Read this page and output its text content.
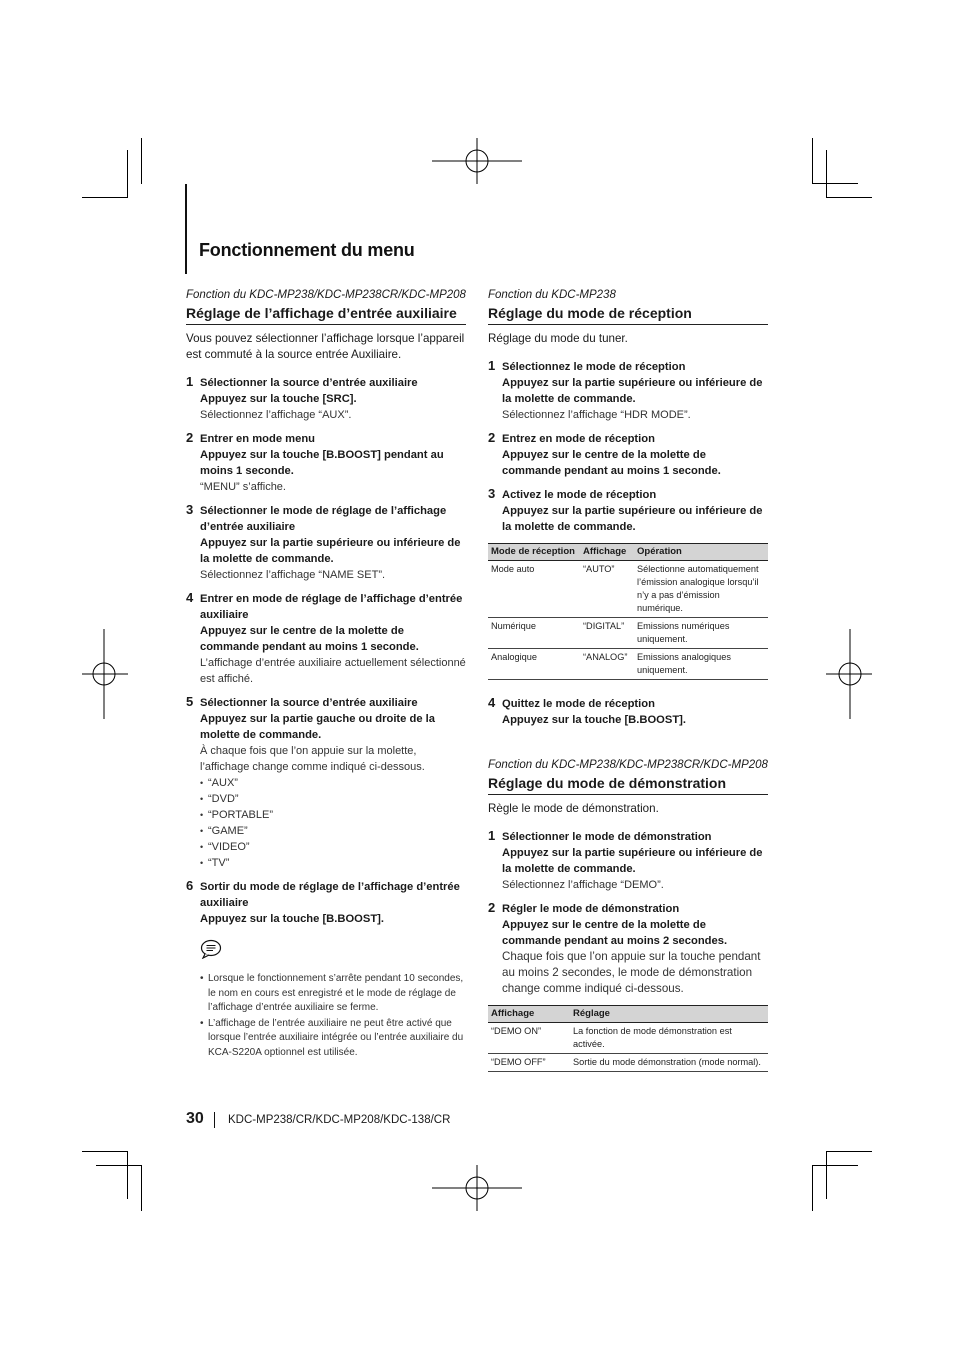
Fonctionnement du menu

Fonction du KDC-MP238/KDC-MP238CR/KDC-MP208

Réglage de l’affichage d’entrée auxiliaire

Vous pouvez sélectionner l’affichage lorsque l’appareil est commuté à la source entrée Auxiliaire.

1 Sélectionner la source d’entrée auxiliaire
Appuyez sur la touche [SRC].
Sélectionnez l’affichage “AUX”.
2 Entrer en mode menu
Appuyez sur la touche [B.BOOST] pendant au moins 1 seconde.
“MENU” s’affiche.
3 Sélectionner le mode de réglage de l’affichage d’entrée auxiliaire
Appuyez sur la partie supérieure ou inférieure de la molette de commande.
Sélectionnez l’affichage “NAME SET”.
4 Entrer en mode de réglage de l’affichage d’entrée auxiliaire
Appuyez sur le centre de la molette de commande pendant au moins 1 seconde.
L’affichage d’entrée auxiliaire actuellement sélectionné est affiché.
5 Sélectionner la source d’entrée auxiliaire
Appuyez sur la partie gauche ou droite de la molette de commande.
À chaque fois que l’on appuie sur la molette, l’affichage change comme indiqué ci-dessous.
• “AUX”
• “DVD”
• “PORTABLE”
• “GAME”
• “VIDEO”
• “TV”
6 Sortir du mode de réglage de l’affichage d’entrée auxiliaire
Appuyez sur la touche [B.BOOST].
• Lorsque le fonctionnement s’arrête pendant 10 secondes, le nom en cours est enregistré et le mode de réglage de l’affichage d’entrée auxiliaire se ferme.
• L’affichage de l’entrée auxiliaire ne peut être activé que lorsque l’entrée auxiliaire intégrée ou l’entrée auxiliaire du KCA-S220A optionnel est utilisée.

Fonction du KDC-MP238

Réglage du mode de réception

Réglage du mode du tuner.

1 Sélectionnez le mode de réception
Appuyez sur la partie supérieure ou inférieure de la molette de commande.
Sélectionnez l’affichage “HDR MODE”.
2 Entrez en mode de réception
Appuyez sur le centre de la molette de commande pendant au moins 1 seconde.
3 Activez le mode de réception
Appuyez sur la partie supérieure ou inférieure de la molette de commande.
Mode de réception	Affichage	Opération
Mode auto	“AUTO”	Sélectionne automatiquement l’émission analogique lorsqu’il n’y a pas d’émission numérique.
Numérique	“DIGITAL”	Emissions numériques uniquement.
Analogique	“ANALOG”	Emissions analogiques uniquement.
4 Quittez le mode de réception
Appuyez sur la touche [B.BOOST].

Fonction du KDC-MP238/KDC-MP238CR/KDC-MP208

Réglage du mode de démonstration

Règle le mode de démonstration.

1 Sélectionner le mode de démonstration
Appuyez sur la partie supérieure ou inférieure de la molette de commande.
Sélectionnez l’affichage “DEMO”.
2 Régler le mode de démonstration
Appuyez sur le centre de la molette de commande pendant au moins 2 secondes.
Chaque fois que l’on appuie sur la touche pendant au moins 2 secondes, le mode de démonstration change comme indiqué ci-dessous.
Affichage	Réglage
“DEMO ON”	La fonction de mode démonstration est activée.
“DEMO OFF”	Sortie du mode démonstration (mode normal).
30 KDC-MP238/CR/KDC-MP208/KDC-138/CR
